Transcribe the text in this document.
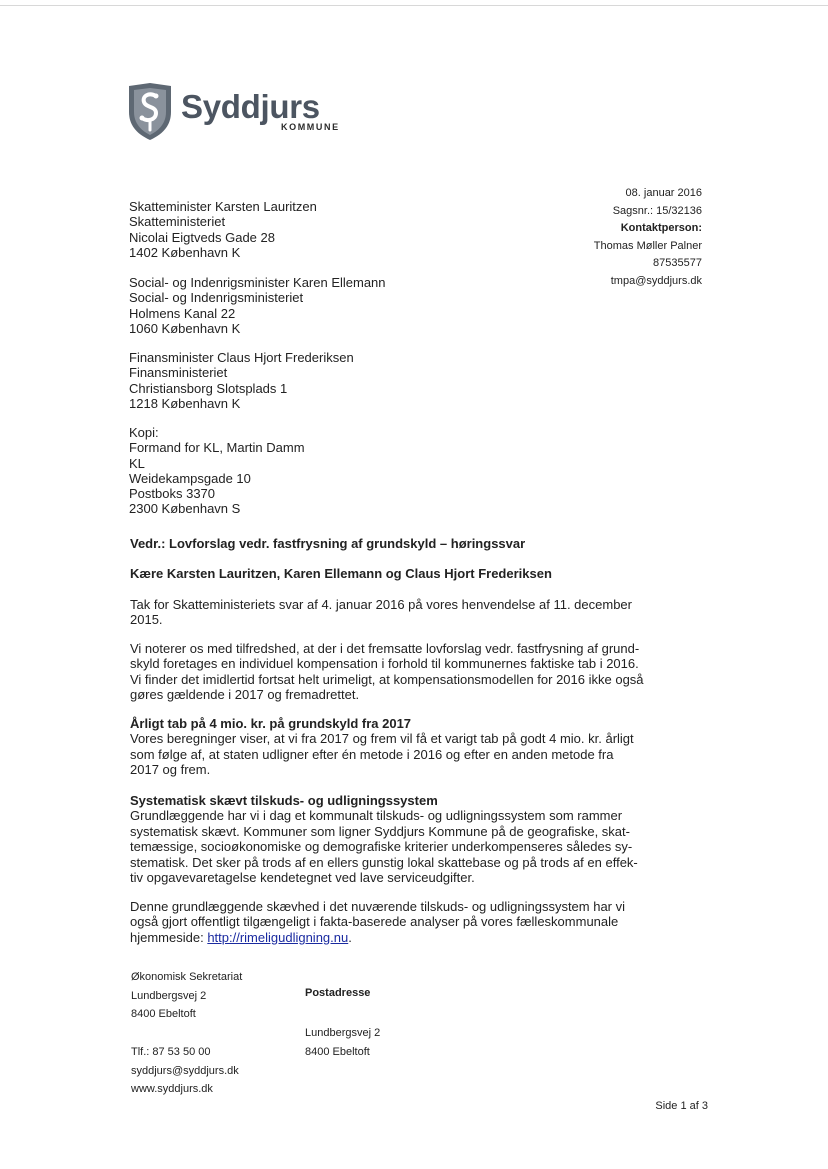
Syddjurs
KOMMUNE
08. januar 2016
Sagsnr.: 15/32136
Kontaktperson:
Thomas Møller Palner
87535577
tmpa@syddjurs.dk
Skatteminister Karsten Lauritzen
Skatteministeriet
Nicolai Eigtveds Gade 28
1402 København K
Social- og Indenrigsminister Karen Ellemann
Social- og Indenrigsministeriet
Holmens Kanal 22
1060 København K
Finansminister Claus Hjort Frederiksen
Finansministeriet
Christiansborg Slotsplads 1
1218 København K
Kopi:
Formand for KL, Martin Damm
KL
Weidekampsgade 10
Postboks 3370
2300 København S
Vedr.: Lovforslag vedr. fastfrysning af grundskyld – høringssvar
Kære Karsten Lauritzen, Karen Ellemann og Claus Hjort Frederiksen

Tak for Skatteministeriets svar af 4. januar 2016 på vores henvendelse af 11. december

2015.

Vi noterer os med tilfredshed, at der i det fremsatte lovforslag vedr. fastfrysning af grund-

skyld foretages en individuel kompensation i forhold til kommunernes faktiske tab i 2016.

Vi finder det imidlertid fortsat helt urimeligt, at kompensationsmodellen for 2016 ikke også

gøres gældende i 2017 og fremadrettet.

Årligt tab på 4 mio. kr. på grundskyld fra 2017

Vores beregninger viser, at vi fra 2017 og frem vil få et varigt tab på godt 4 mio. kr. årligt

som følge af, at staten udligner efter én metode i 2016 og efter en anden metode fra

2017 og frem.

Systematisk skævt tilskuds- og udligningssystem

Grundlæggende har vi i dag et kommunalt tilskuds- og udligningssystem som rammer

systematisk skævt. Kommuner som ligner Syddjurs Kommune på de geografiske, skat-

temæssige, socioøkonomiske og demografiske kriterier underkompenseres således sy-

stematisk. Det sker på trods af en ellers gunstig lokal skattebase og på trods af en effek-

tiv opgavevaretagelse kendetegnet ved lave serviceudgifter.

Denne grundlæggende skævhed i det nuværende tilskuds- og udligningssystem har vi

også gjort offentligt tilgængeligt i fakta-baserede analyser på vores fælleskommunale

hjemmeside: http://rimeligudligning.nu.

Økonomisk Sekretariat
Lundbergsvej 2
8400 Ebeltoft
Postadresse
Lundbergsvej 2
8400 Ebeltoft
Tlf.: 87 53 50 00
syddjurs@syddjurs.dk
www.syddjurs.dk
Side 1 af 3
